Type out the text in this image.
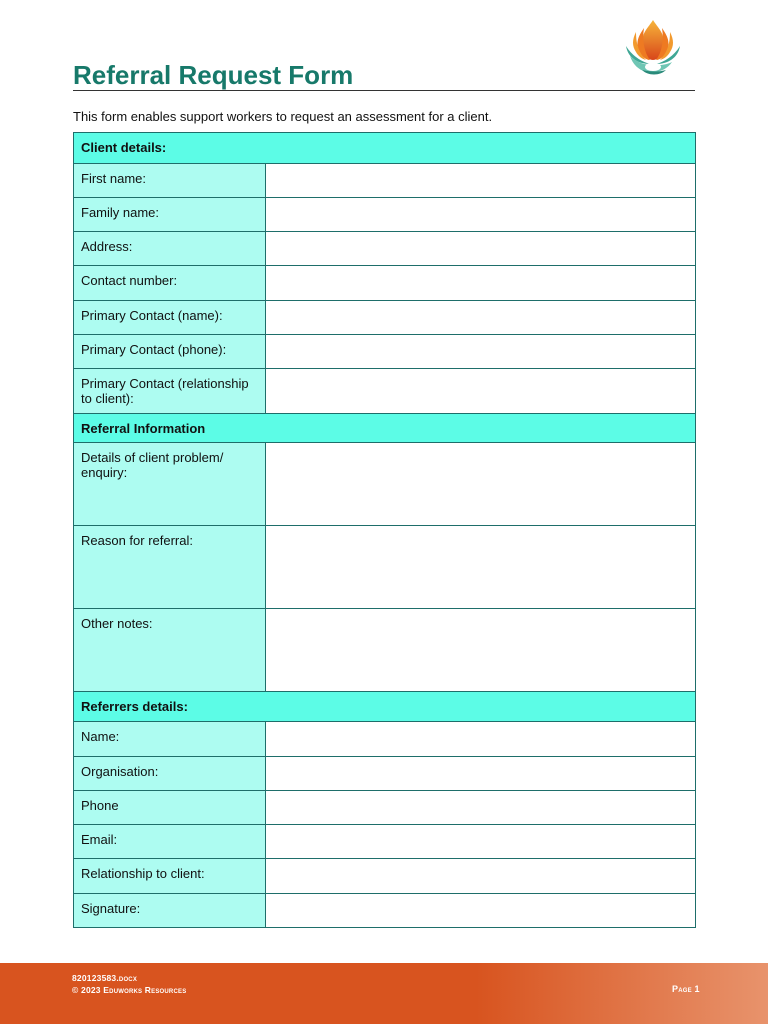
Referral Request Form

This form enables support workers to request an assessment for a client.

Client details:	
First name:	
Family name:	
Address:	
Contact number:	
Primary Contact (name):	
Primary Contact (phone):	
Primary Contact (relationship to client):	
Referral Information	
Details of client problem/ enquiry:	
Reason for referral:	
Other notes:	
Referrers details:	
Name:	
Organisation:	
Phone	
Email:	
Relationship to client:	
Signature:	
820123583.docx
© 2023 Eduworks Resources	Page 1
